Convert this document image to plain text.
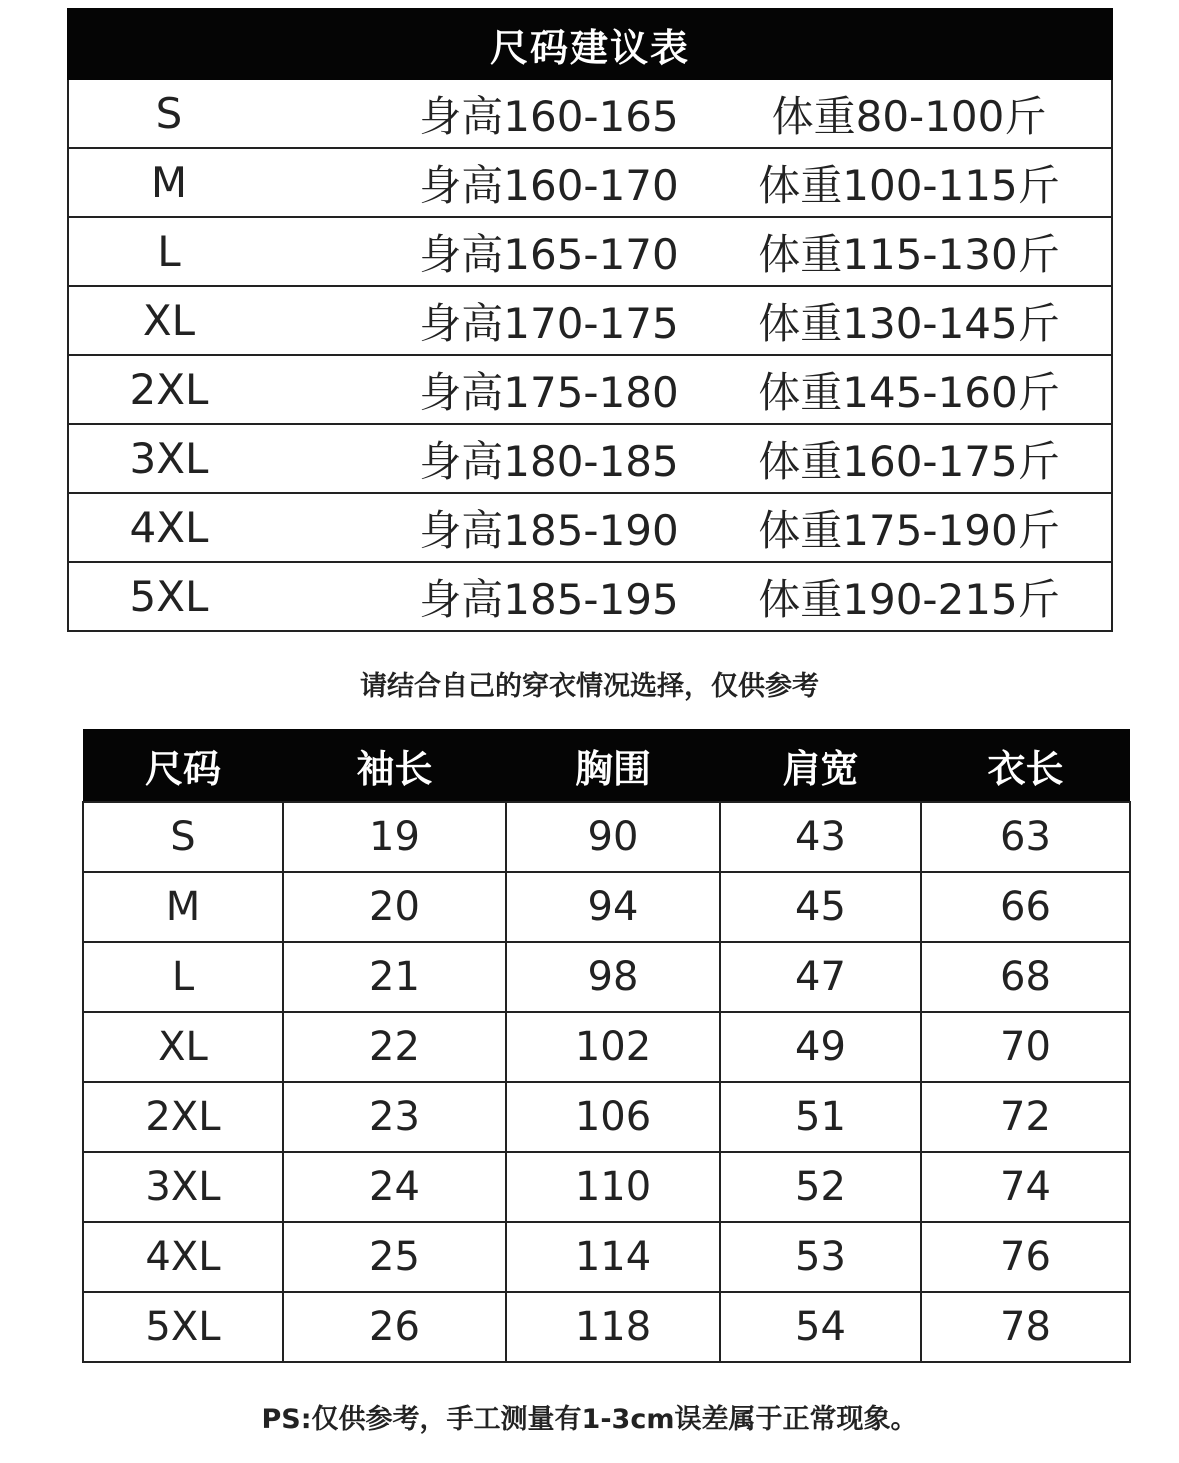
尺码建议表
S	身高160-165	体重80-100斤
M	身高160-170	体重100-115斤
L	身高165-170	体重115-130斤
XL	身高170-175	体重130-145斤
2XL	身高175-180	体重145-160斤
3XL	身高180-185	体重160-175斤
4XL	身高185-190	体重175-190斤
5XL	身高185-195	体重190-215斤
请结合自己的穿衣情况选择，仅供参考
尺码	袖长	胸围	肩宽	衣长
S	19	90	43	63
M	20	94	45	66
L	21	98	47	68
XL	22	102	49	70
2XL	23	106	51	72
3XL	24	110	52	74
4XL	25	114	53	76
5XL	26	118	54	78
PS:仅供参考，手工测量有1-3cm误差属于正常现象。
